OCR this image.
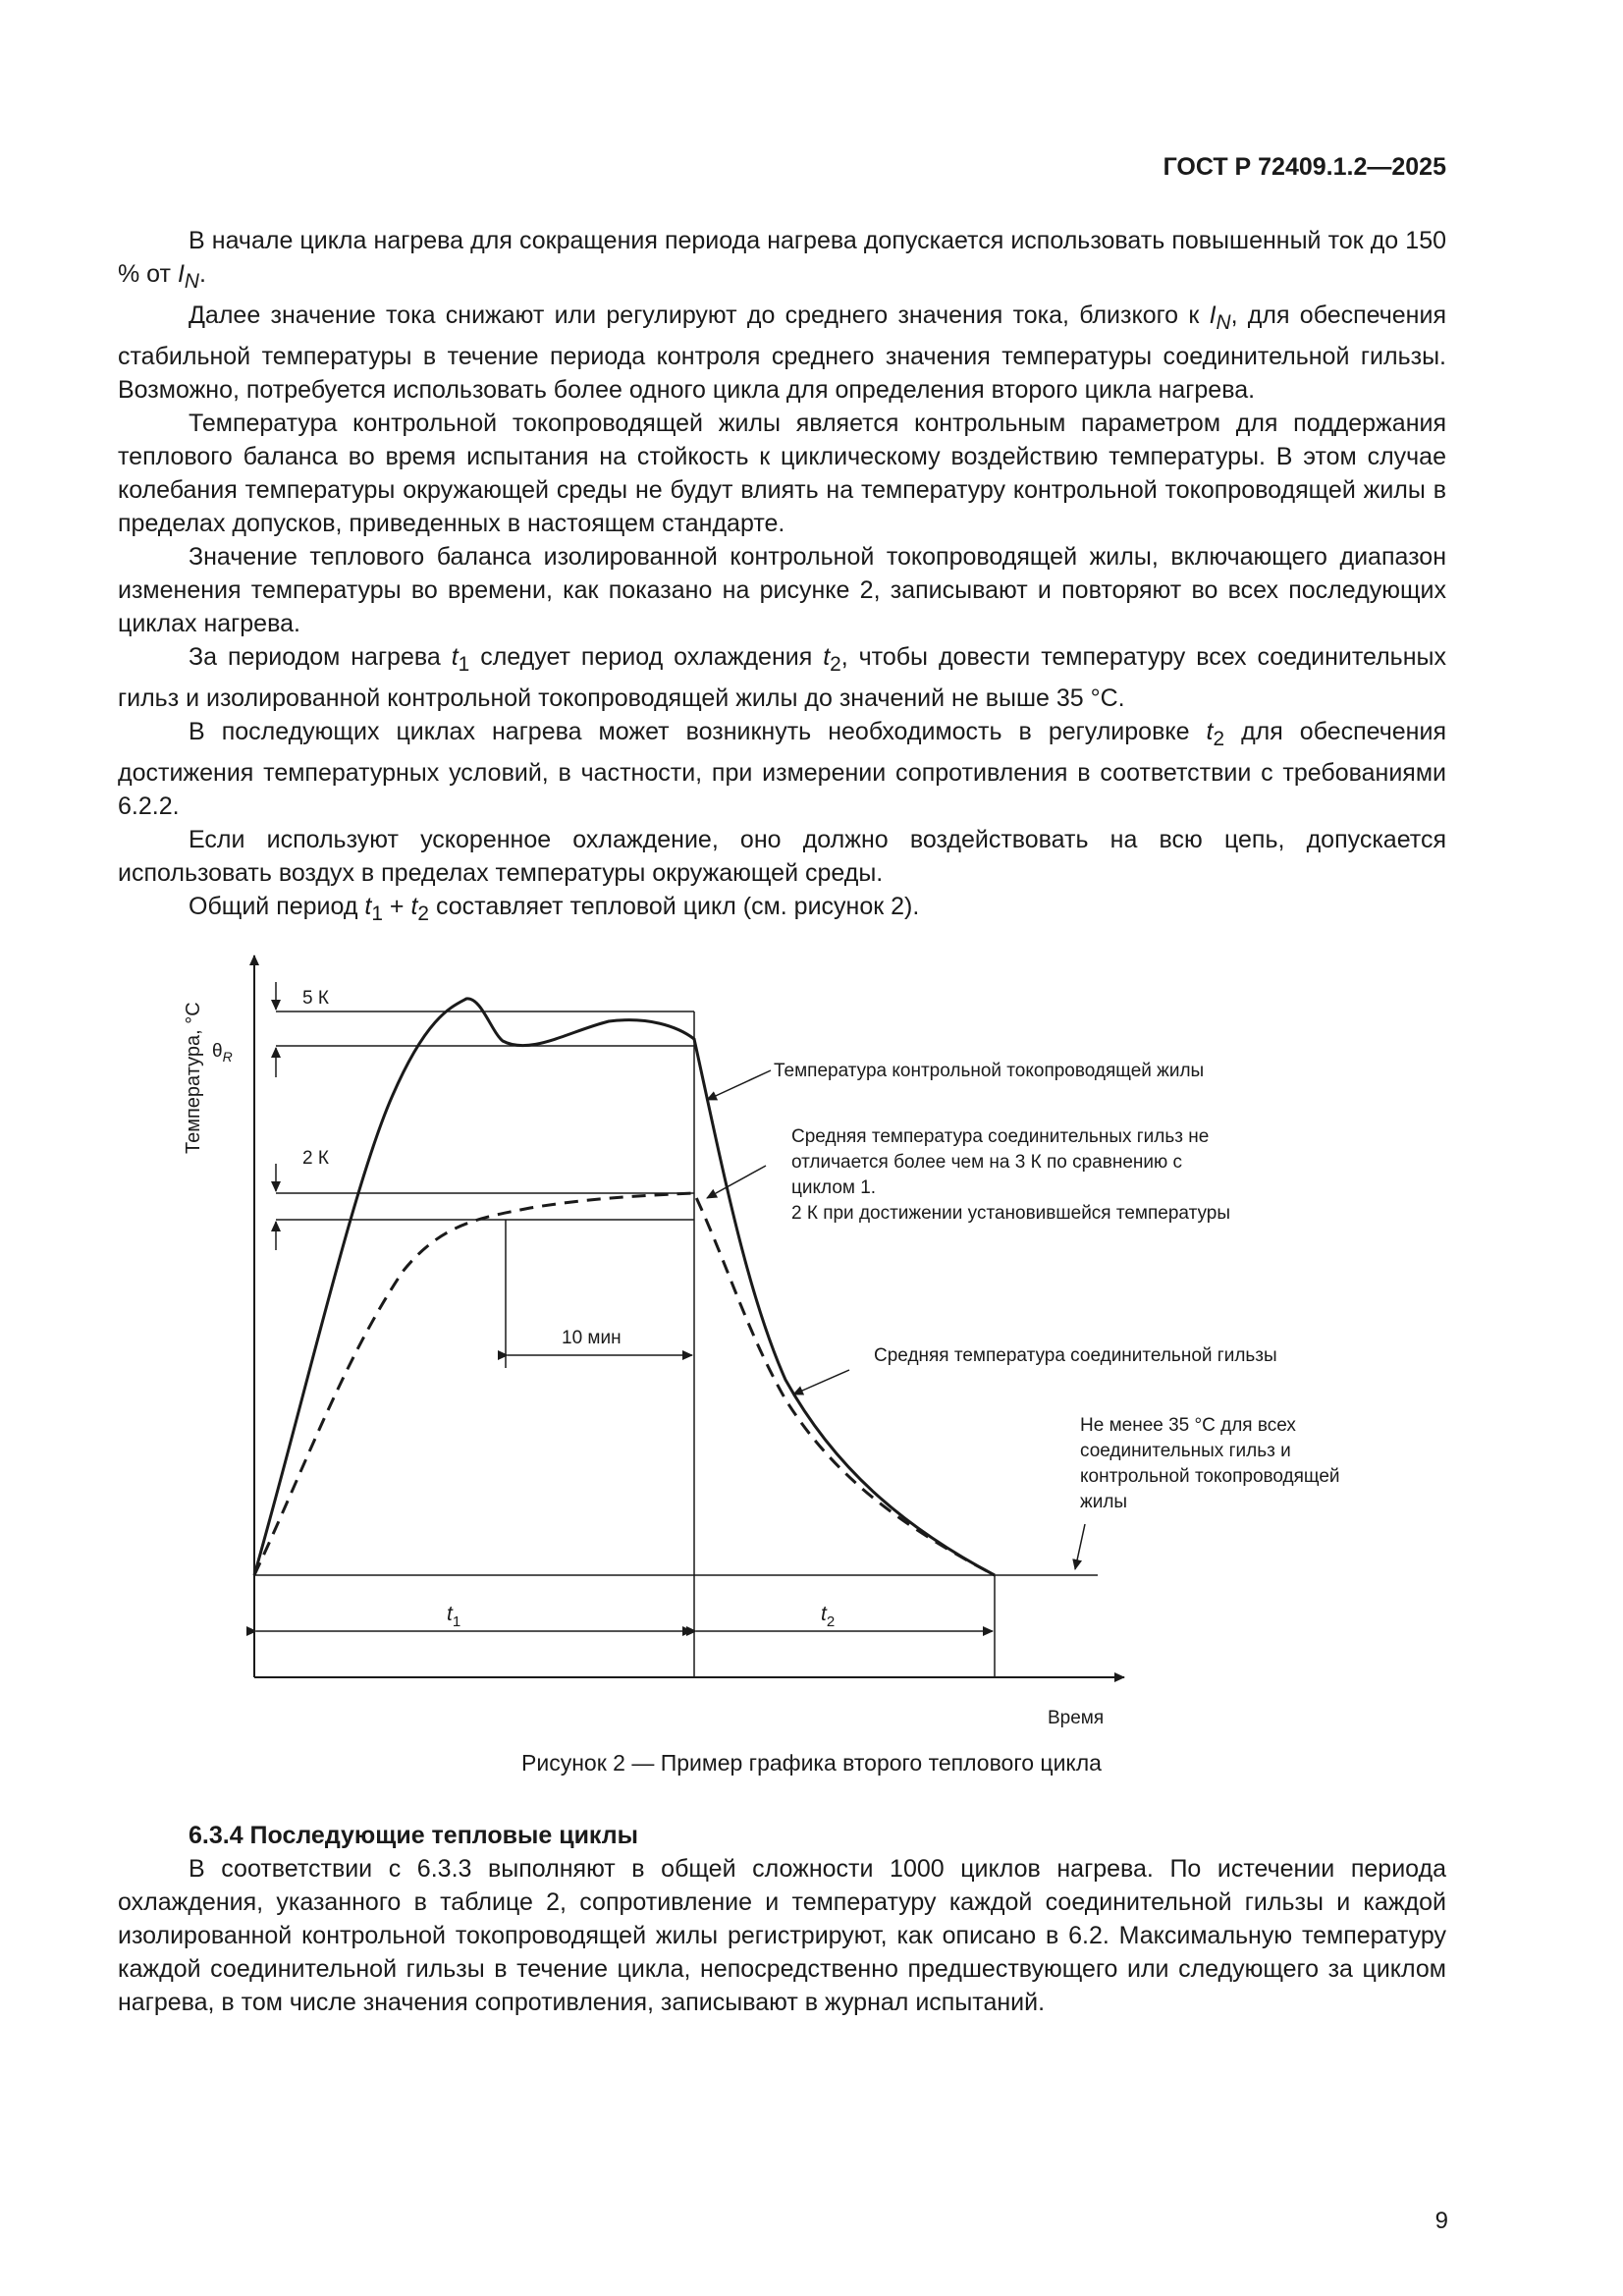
ГОСТ Р 72409.1.2—2025

В начале цикла нагрева для сокращения периода нагрева допускается использовать повышенный ток до 150 % от $I_N$.

Далее значение тока снижают или регулируют до среднего значения тока, близкого к $I_N$, для обеспечения стабильной температуры в течение периода контроля среднего значения температуры соединительной гильзы. Возможно, потребуется использовать более одного цикла для определения второго цикла нагрева.

Температура контрольной токопроводящей жилы является контрольным параметром для поддержания теплового баланса во время испытания на стойкость к циклическому воздействию температуры. В этом случае колебания температуры окружающей среды не будут влиять на температуру контрольной токопроводящей жилы в пределах допусков, приведенных в настоящем стандарте.

Значение теплового баланса изолированной контрольной токопроводящей жилы, включающего диапазон изменения температуры во времени, как показано на рисунке 2, записывают и повторяют во всех последующих циклах нагрева.

За периодом нагрева $t_1$ следует период охлаждения $t_2$, чтобы довести температуру всех соединительных гильз и изолированной контрольной токопроводящей жилы до значений не выше 35 °С.

В последующих циклах нагрева может возникнуть необходимость в регулировке $t_2$ для обеспечения достижения температурных условий, в частности, при измерении сопротивления в соответствии с требованиями 6.2.2.

Если используют ускоренное охлаждение, оно должно воздействовать на всю цепь, допускается использовать воздух в пределах температуры окружающей среды.

Общий период $t_1 + t_2$ составляет тепловой цикл (см. рисунок 2).

Температура, °С
5 К
$\theta_R$
2 К
10 мин
$t_1$	$t_2$
Время
Температура контрольной токопроводящей жилы
Средняя температура соединительных гильз не отличается более чем на 3 К по сравнению с циклом 1. 2 К при достижении установившейся температуры
Средняя температура соединительной гильзы
Не менее 35 °С для всех соединительных гильз и контрольной токопроводящей жилы
Рисунок 2 — Пример графика второго теплового цикла
6.3.4 Последующие тепловые циклы

В соответствии с 6.3.3 выполняют в общей сложности 1000 циклов нагрева. По истечении периода охлаждения, указанного в таблице 2, сопротивление и температуру каждой соединительной гильзы и каждой изолированной контрольной токопроводящей жилы регистрируют, как описано в 6.2. Максимальную температуру каждой соединительной гильзы в течение цикла, непосредственно предшествующего или следующего за циклом нагрева, в том числе значения сопротивления, записывают в журнал испытаний.

9
